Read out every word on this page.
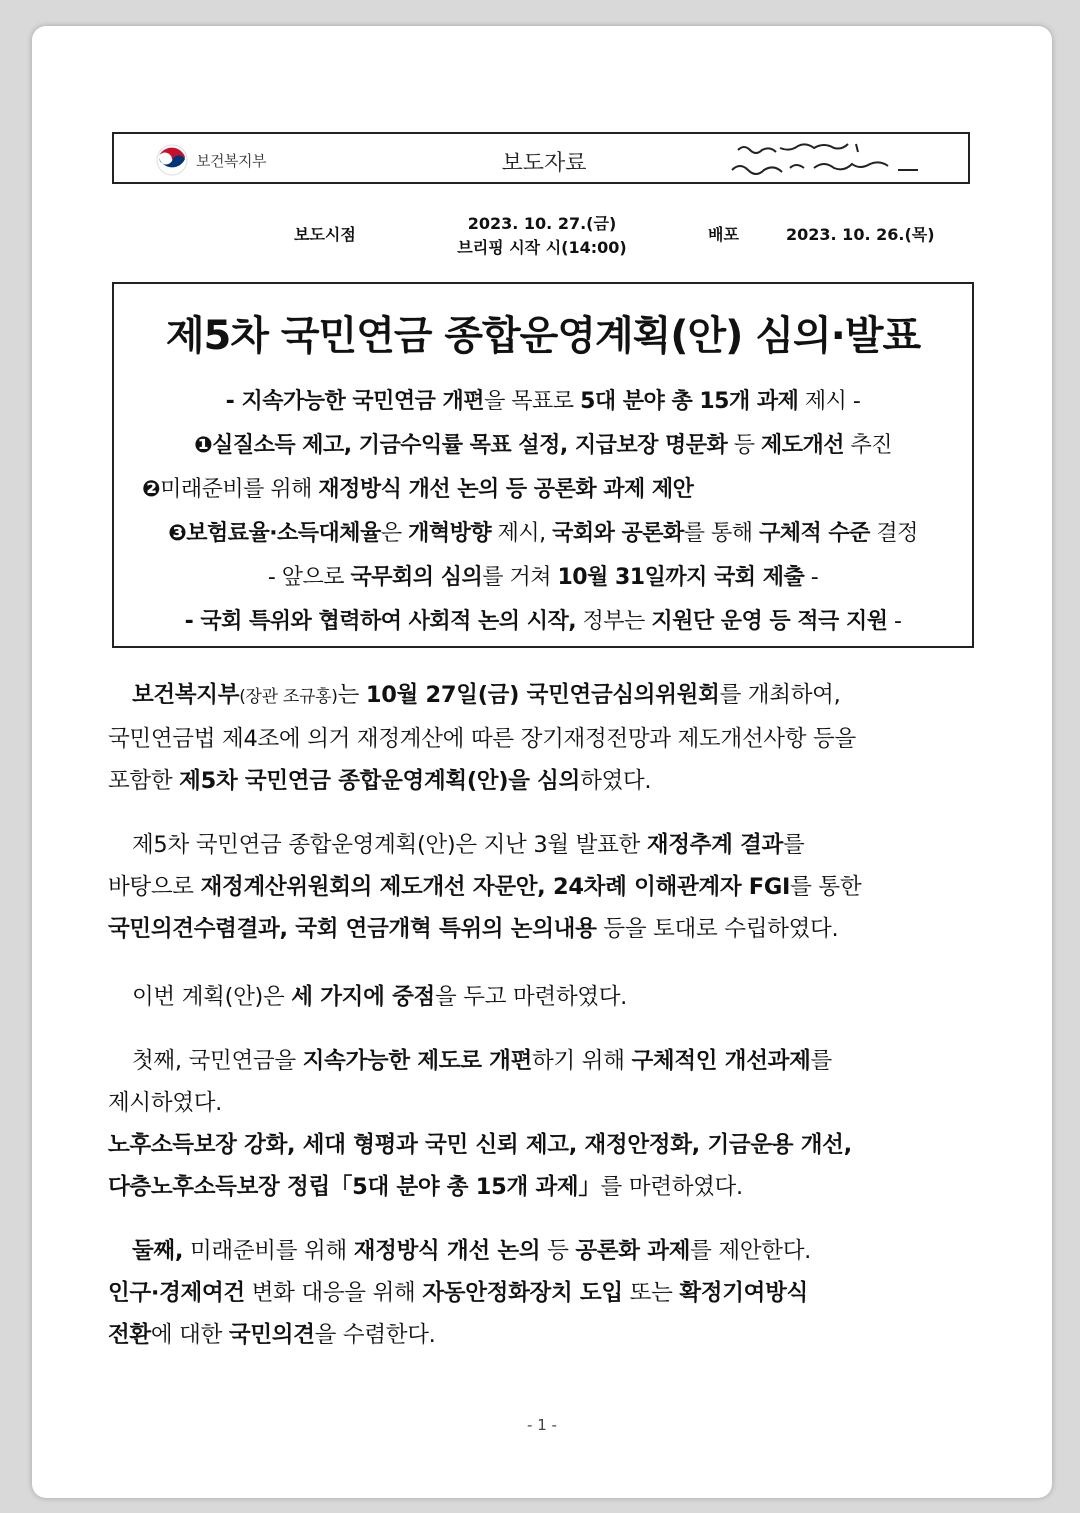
보건복지부	보도자료
보도시점
2023. 10. 27.(금)
브리핑 시작 시(14:00)
배포	2023. 10. 26.(목)
제5차 국민연금 종합운영계획(안) 심의·발표
- 지속가능한 국민연금 개편을 목표로 5대 분야 총 15개 과제 제시 -
❶실질소득 제고, 기금수익률 목표 설정, 지급보장 명문화 등 제도개선 추진
❷미래준비를 위해 재정방식 개선 논의 등 공론화 과제 제안
❸보험료율·소득대체율은 개혁방향 제시, 국회와 공론화를 통해 구체적 수준 결정
- 앞으로 국무회의 심의를 거쳐 10월 31일까지 국회 제출 -
- 국회 특위와 협력하여 사회적 논의 시작, 정부는 지원단 운영 등 적극 지원 -
보건복지부(장관 조규홍)는 10월 27일(금) 국민연금심의위원회를 개최하여,
국민연금법 제4조에 의거 재정계산에 따른 장기재정전망과 제도개선사항 등을
포함한 제5차 국민연금 종합운영계획(안)을 심의하였다.
제5차 국민연금 종합운영계획(안)은 지난 3월 발표한 재정추계 결과를
바탕으로 재정계산위원회의 제도개선 자문안, 24차례 이해관계자 FGI를 통한
국민의견수렴결과, 국회 연금개혁 특위의 논의내용 등을 토대로 수립하였다.
이번 계획(안)은 세 가지에 중점을 두고 마련하였다.
첫째, 국민연금을 지속가능한 제도로 개편하기 위해 구체적인 개선과제를
제시하였다.
노후소득보장 강화, 세대 형평과 국민 신뢰 제고, 재정안정화, 기금운용 개선,
다층노후소득보장 정립「5대 분야 총 15개 과제」를 마련하였다.
둘째, 미래준비를 위해 재정방식 개선 논의 등 공론화 과제를 제안한다.
인구·경제여건 변화 대응을 위해 자동안정화장치 도입 또는 확정기여방식
전환에 대한 국민의견을 수렴한다.
- 1 -
